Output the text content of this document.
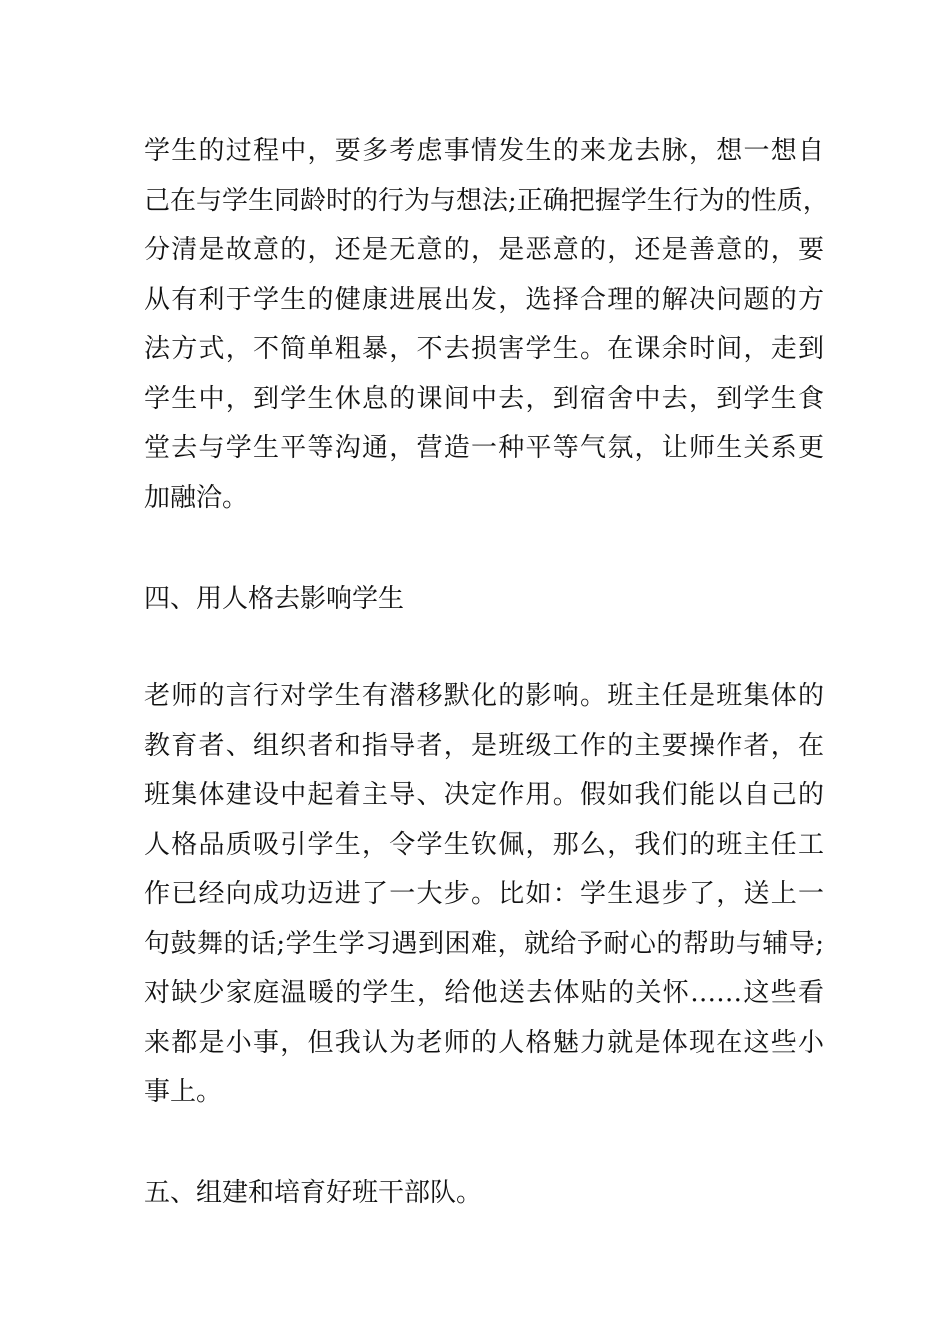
学生的过程中，要多考虑事情发生的来龙去脉，想一想自
己在与学生同龄时的行为与想法;正确把握学生行为的性质，
分清是故意的，还是无意的，是恶意的，还是善意的，要
从有利于学生的健康进展出发，选择合理的解决问题的方
法方式，不简单粗暴，不去损害学生。在课余时间，走到
学生中，到学生休息的课间中去，到宿舍中去，到学生食
堂去与学生平等沟通，营造一种平等气氛，让师生关系更
加融洽。
四、用人格去影响学生
老师的言行对学生有潜移默化的影响。班主任是班集体的
教育者、组织者和指导者，是班级工作的主要操作者，在
班集体建设中起着主导、决定作用。假如我们能以自己的
人格品质吸引学生，令学生钦佩，那么，我们的班主任工
作已经向成功迈进了一大步。比如：学生退步了，送上一
句鼓舞的话;学生学习遇到困难，就给予耐心的帮助与辅导;
对缺少家庭温暖的学生，给他送去体贴的关怀……这些看
来都是小事，但我认为老师的人格魅力就是体现在这些小
事上。
五、组建和培育好班干部队。
